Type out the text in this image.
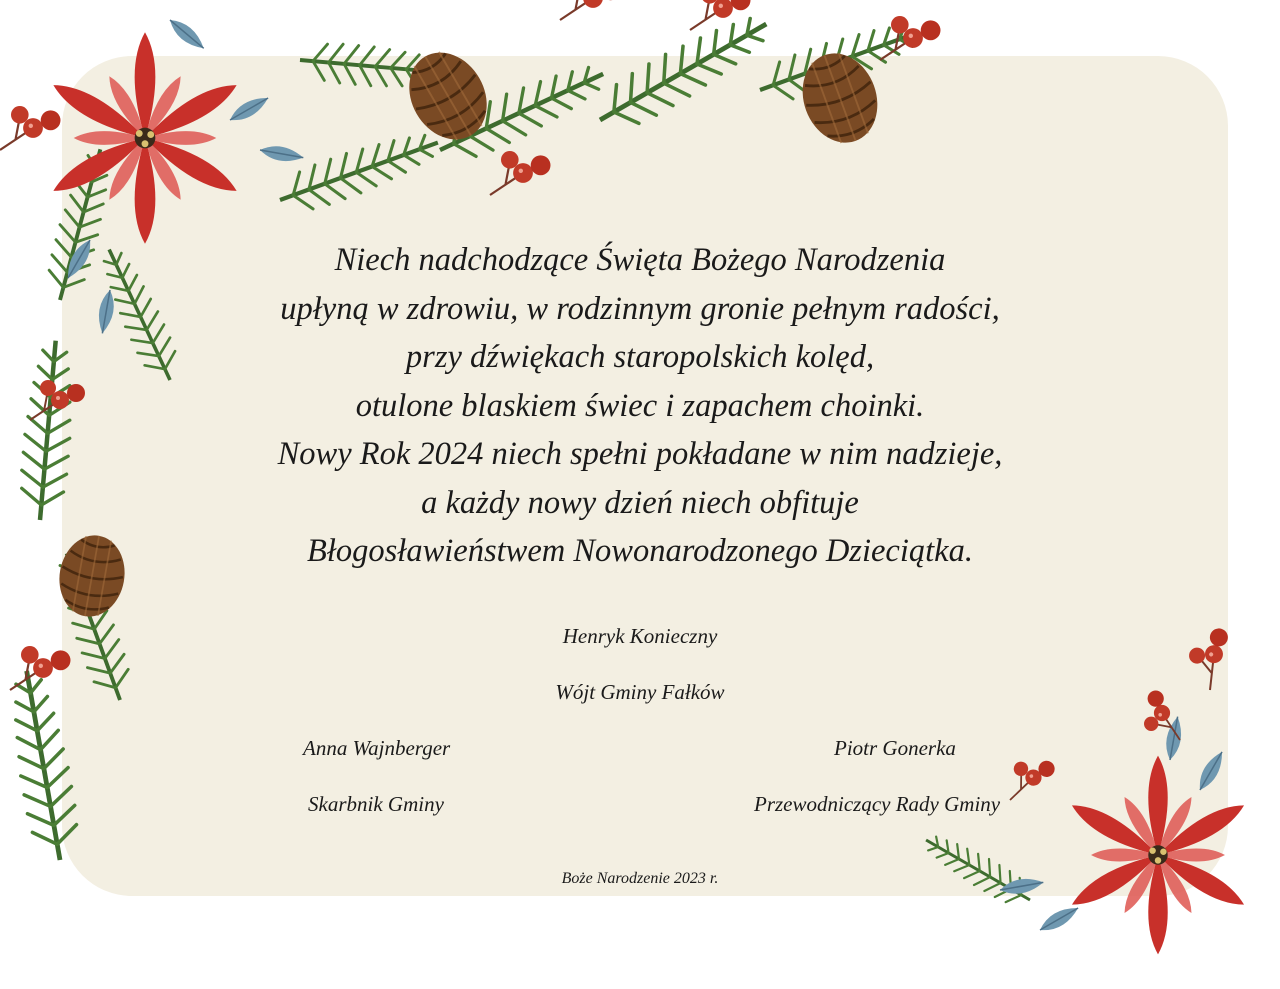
Niech nadchodzące Święta Bożego Narodzenia
upłyną w zdrowiu, w rodzinnym gronie pełnym radości,
przy dźwiękach staropolskich kolęd,
otulone blaskiem świec i zapachem choinki.
Nowy Rok 2024 niech spełni pokładane w nim nadzieje,
a każdy nowy dzień niech obfituje
Błogosławieństwem Nowonarodzonego Dzieciątka.

Henryk Konieczny
Wójt Gminy Fałków
Anna Wajnberger
Skarbnik Gminy
Piotr Gonerka
Przewodniczący Rady Gminy
Boże Narodzenie 2023 r.
